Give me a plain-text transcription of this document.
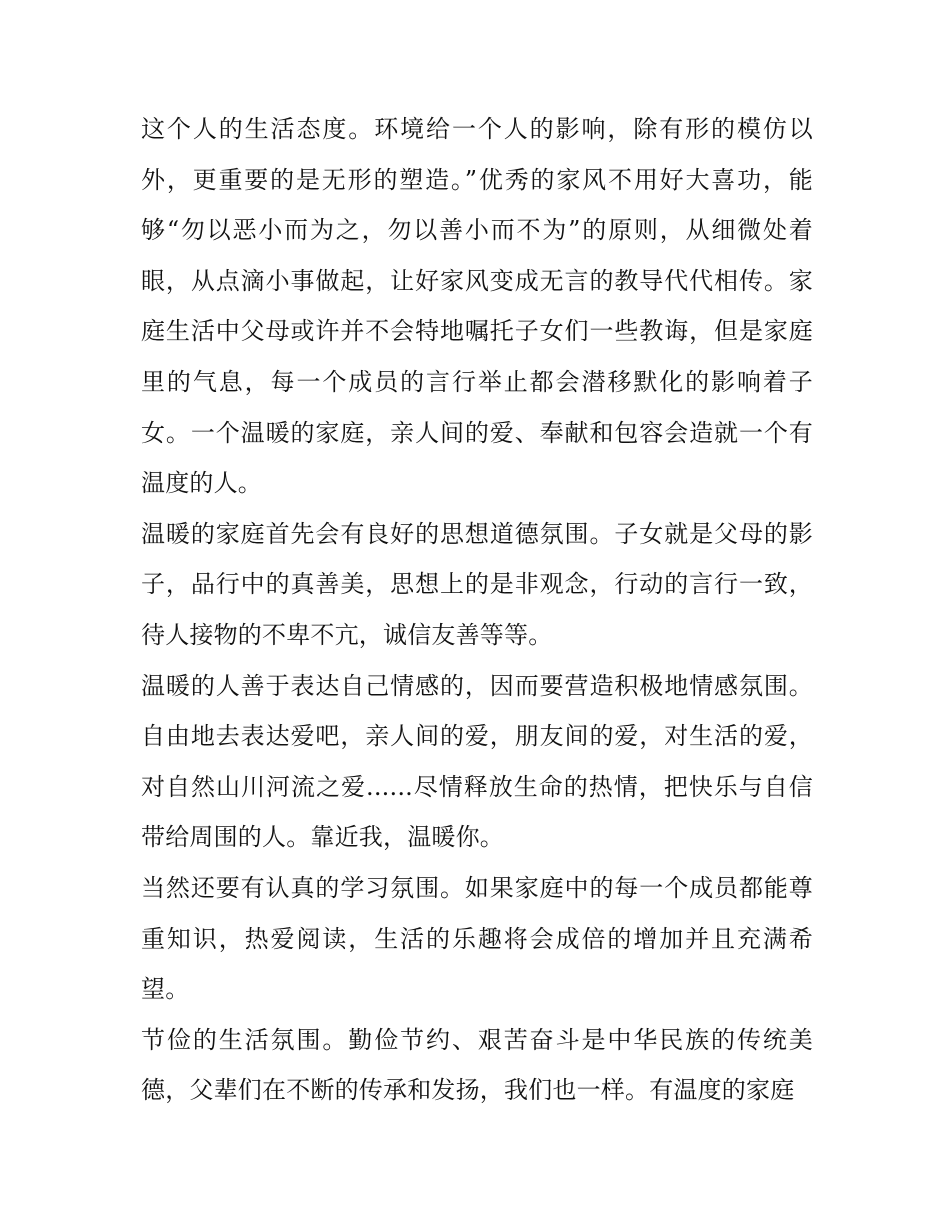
这个人的生活态度。环境给一个人的影响，除有形的模仿以外，更重要的是无形的塑造。”优秀的家风不用好大喜功，能够“勿以恶小而为之，勿以善小而不为”的原则，从细微处着眼，从点滴小事做起，让好家风变成无言的教导代代相传。家庭生活中父母或许并不会特地嘱托子女们一些教诲，但是家庭里的气息，每一个成员的言行举止都会潜移默化的影响着子女。一个温暖的家庭，亲人间的爱、奉献和包容会造就一个有温度的人。

温暖的家庭首先会有良好的思想道德氛围。子女就是父母的影子，品行中的真善美，思想上的是非观念，行动的言行一致，待人接物的不卑不亢，诚信友善等等。

温暖的人善于表达自己情感的，因而要营造积极地情感氛围。自由地去表达爱吧，亲人间的爱，朋友间的爱，对生活的爱，对自然山川河流之爱......尽情释放生命的热情，把快乐与自信带给周围的人。靠近我，温暖你。

当然还要有认真的学习氛围。如果家庭中的每一个成员都能尊重知识，热爱阅读，生活的乐趣将会成倍的增加并且充满希望。

节俭的生活氛围。勤俭节约、艰苦奋斗是中华民族的传统美德，父辈们在不断的传承和发扬，我们也一样。有温度的家庭
